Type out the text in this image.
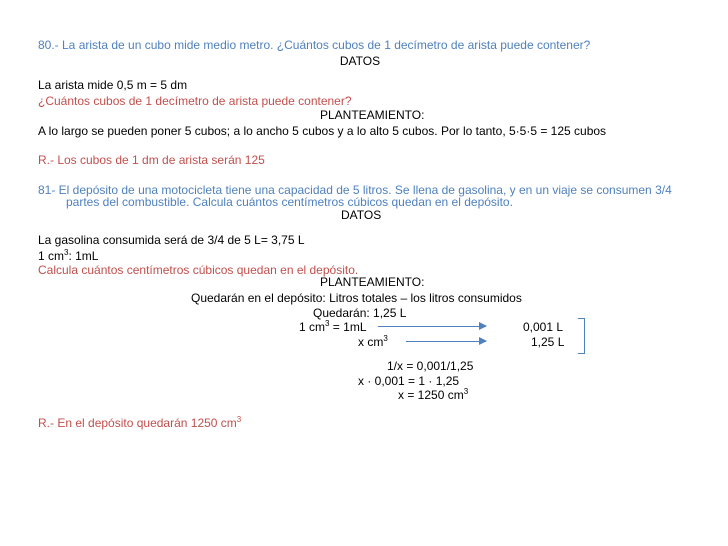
80.- La arista de un cubo mide medio metro. ¿Cuántos cubos de 1 decímetro de arista puede contener?
DATOS
La arista mide 0,5 m = 5 dm
¿Cuántos cubos de 1 decímetro de arista puede contener?
PLANTEAMIENTO:
A lo largo se pueden poner 5 cubos; a lo ancho 5 cubos y a lo alto 5 cubos. Por lo tanto, 5·5·5 = 125 cubos
R.- Los cubos de 1 dm de arista serán 125
81- El depósito de una motocicleta tiene una capacidad de 5 litros. Se llena de gasolina, y en un viaje se consumen 3/4
partes del combustible. Calcula cuántos centímetros cúbicos quedan en el depósito.
DATOS
La gasolina consumida será de 3/4 de 5 L= 3,75 L
1 $cm^3$: 1mL
Calcula cuántos centímetros cúbicos quedan en el depósito.
PLANTEAMIENTO:
Quedarán en el depósito: Litros totales – los litros consumidos
Quedarán: 1,25 L
1 $cm^3 = 1mL$	0,001 L
x $cm^3$	1,25 L
1/x = 0,001/1,25
x · 0,001 = 1 · 1,25
x = 1250 $cm^3$
R.- En el depósito quedarán 1250 $cm^3$
